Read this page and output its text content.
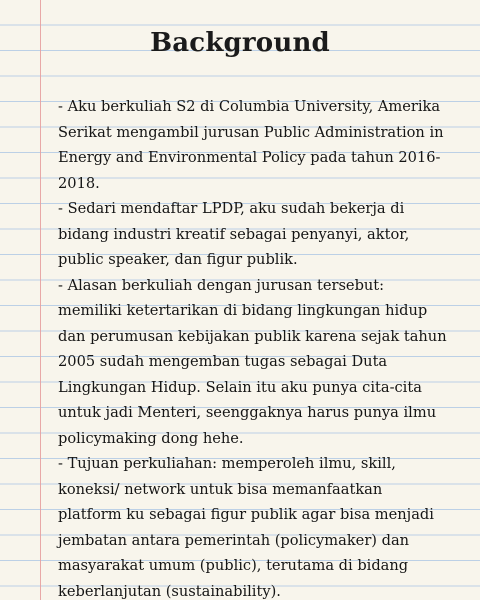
Background

- Aku berkuliah S2 di Columbia University, Amerika Serikat mengambil jurusan Public Administration in Energy and Environmental Policy pada tahun 2016-2018.

- Sedari mendaftar LPDP, aku sudah bekerja di bidang industri kreatif sebagai penyanyi, aktor, public speaker, dan figur publik.

- Alasan berkuliah dengan jurusan tersebut: memiliki ketertarikan di bidang lingkungan hidup dan perumusan kebijakan publik karena sejak tahun 2005 sudah mengemban tugas sebagai Duta Lingkungan Hidup. Selain itu aku punya cita-cita untuk jadi Menteri, seenggaknya harus punya ilmu policymaking dong hehe.

- Tujuan perkuliahan: memperoleh ilmu, skill, koneksi/ network untuk bisa memanfaatkan platform ku sebagai figur publik agar bisa menjadi jembatan antara pemerintah (policymaker) dan masyarakat umum (public), terutama di bidang keberlanjutan (sustainability).
